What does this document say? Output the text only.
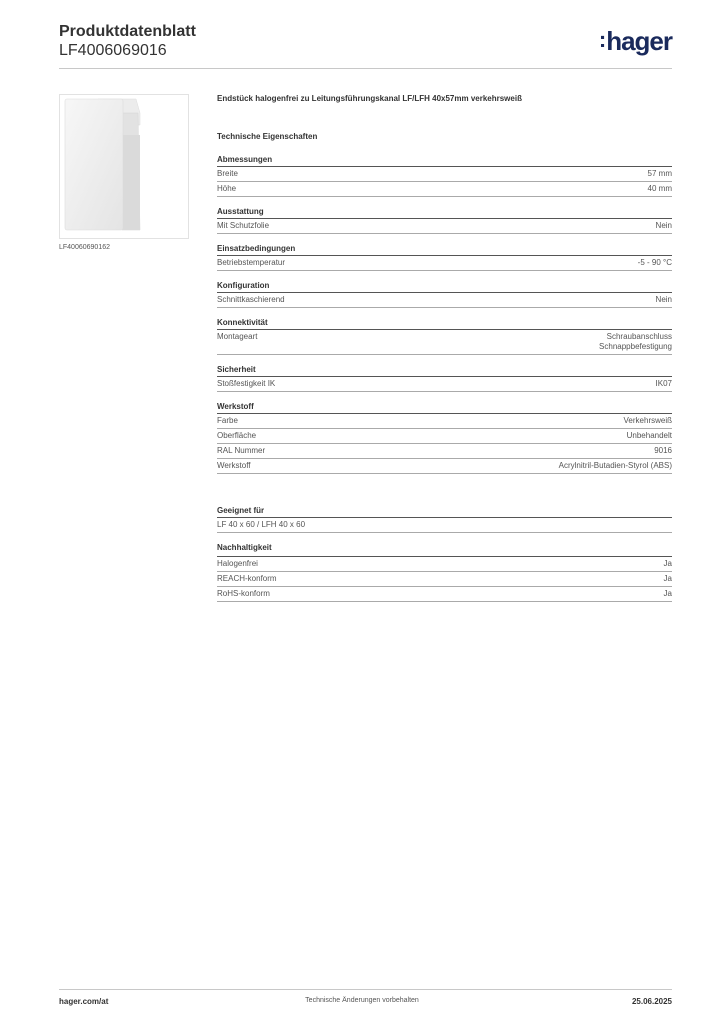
Produktdatenblatt
LF4006069016	:hager
LF40060690162
Endstück halogenfrei zu Leitungsführungskanal LF/LFH 40x57mm verkehrsweiß
Technische Eigenschaften
Abmessungen
Breite	57 mm
Höhe	40 mm
Ausstattung
Mit Schutzfolie	Nein
Einsatzbedingungen
Betriebstemperatur	-5 - 90 °C
Konfiguration
Schnittkaschierend	Nein
Konnektivität
Montageart	Schraubanschluss
Schnappbefestigung
Sicherheit
Stoßfestigkeit IK	IK07
Werkstoff
Farbe	Verkehrsweiß
Oberfläche	Unbehandelt
RAL Nummer	9016
Werkstoff	Acrylnitril-Butadien-Styrol (ABS)
Geeignet für
LF 40 x 60 / LFH 40 x 60
Nachhaltigkeit
Halogenfrei	Ja
REACH-konform	Ja
RoHS-konform	Ja
hager.com/at	Technische Änderungen vorbehalten	25.06.2025
